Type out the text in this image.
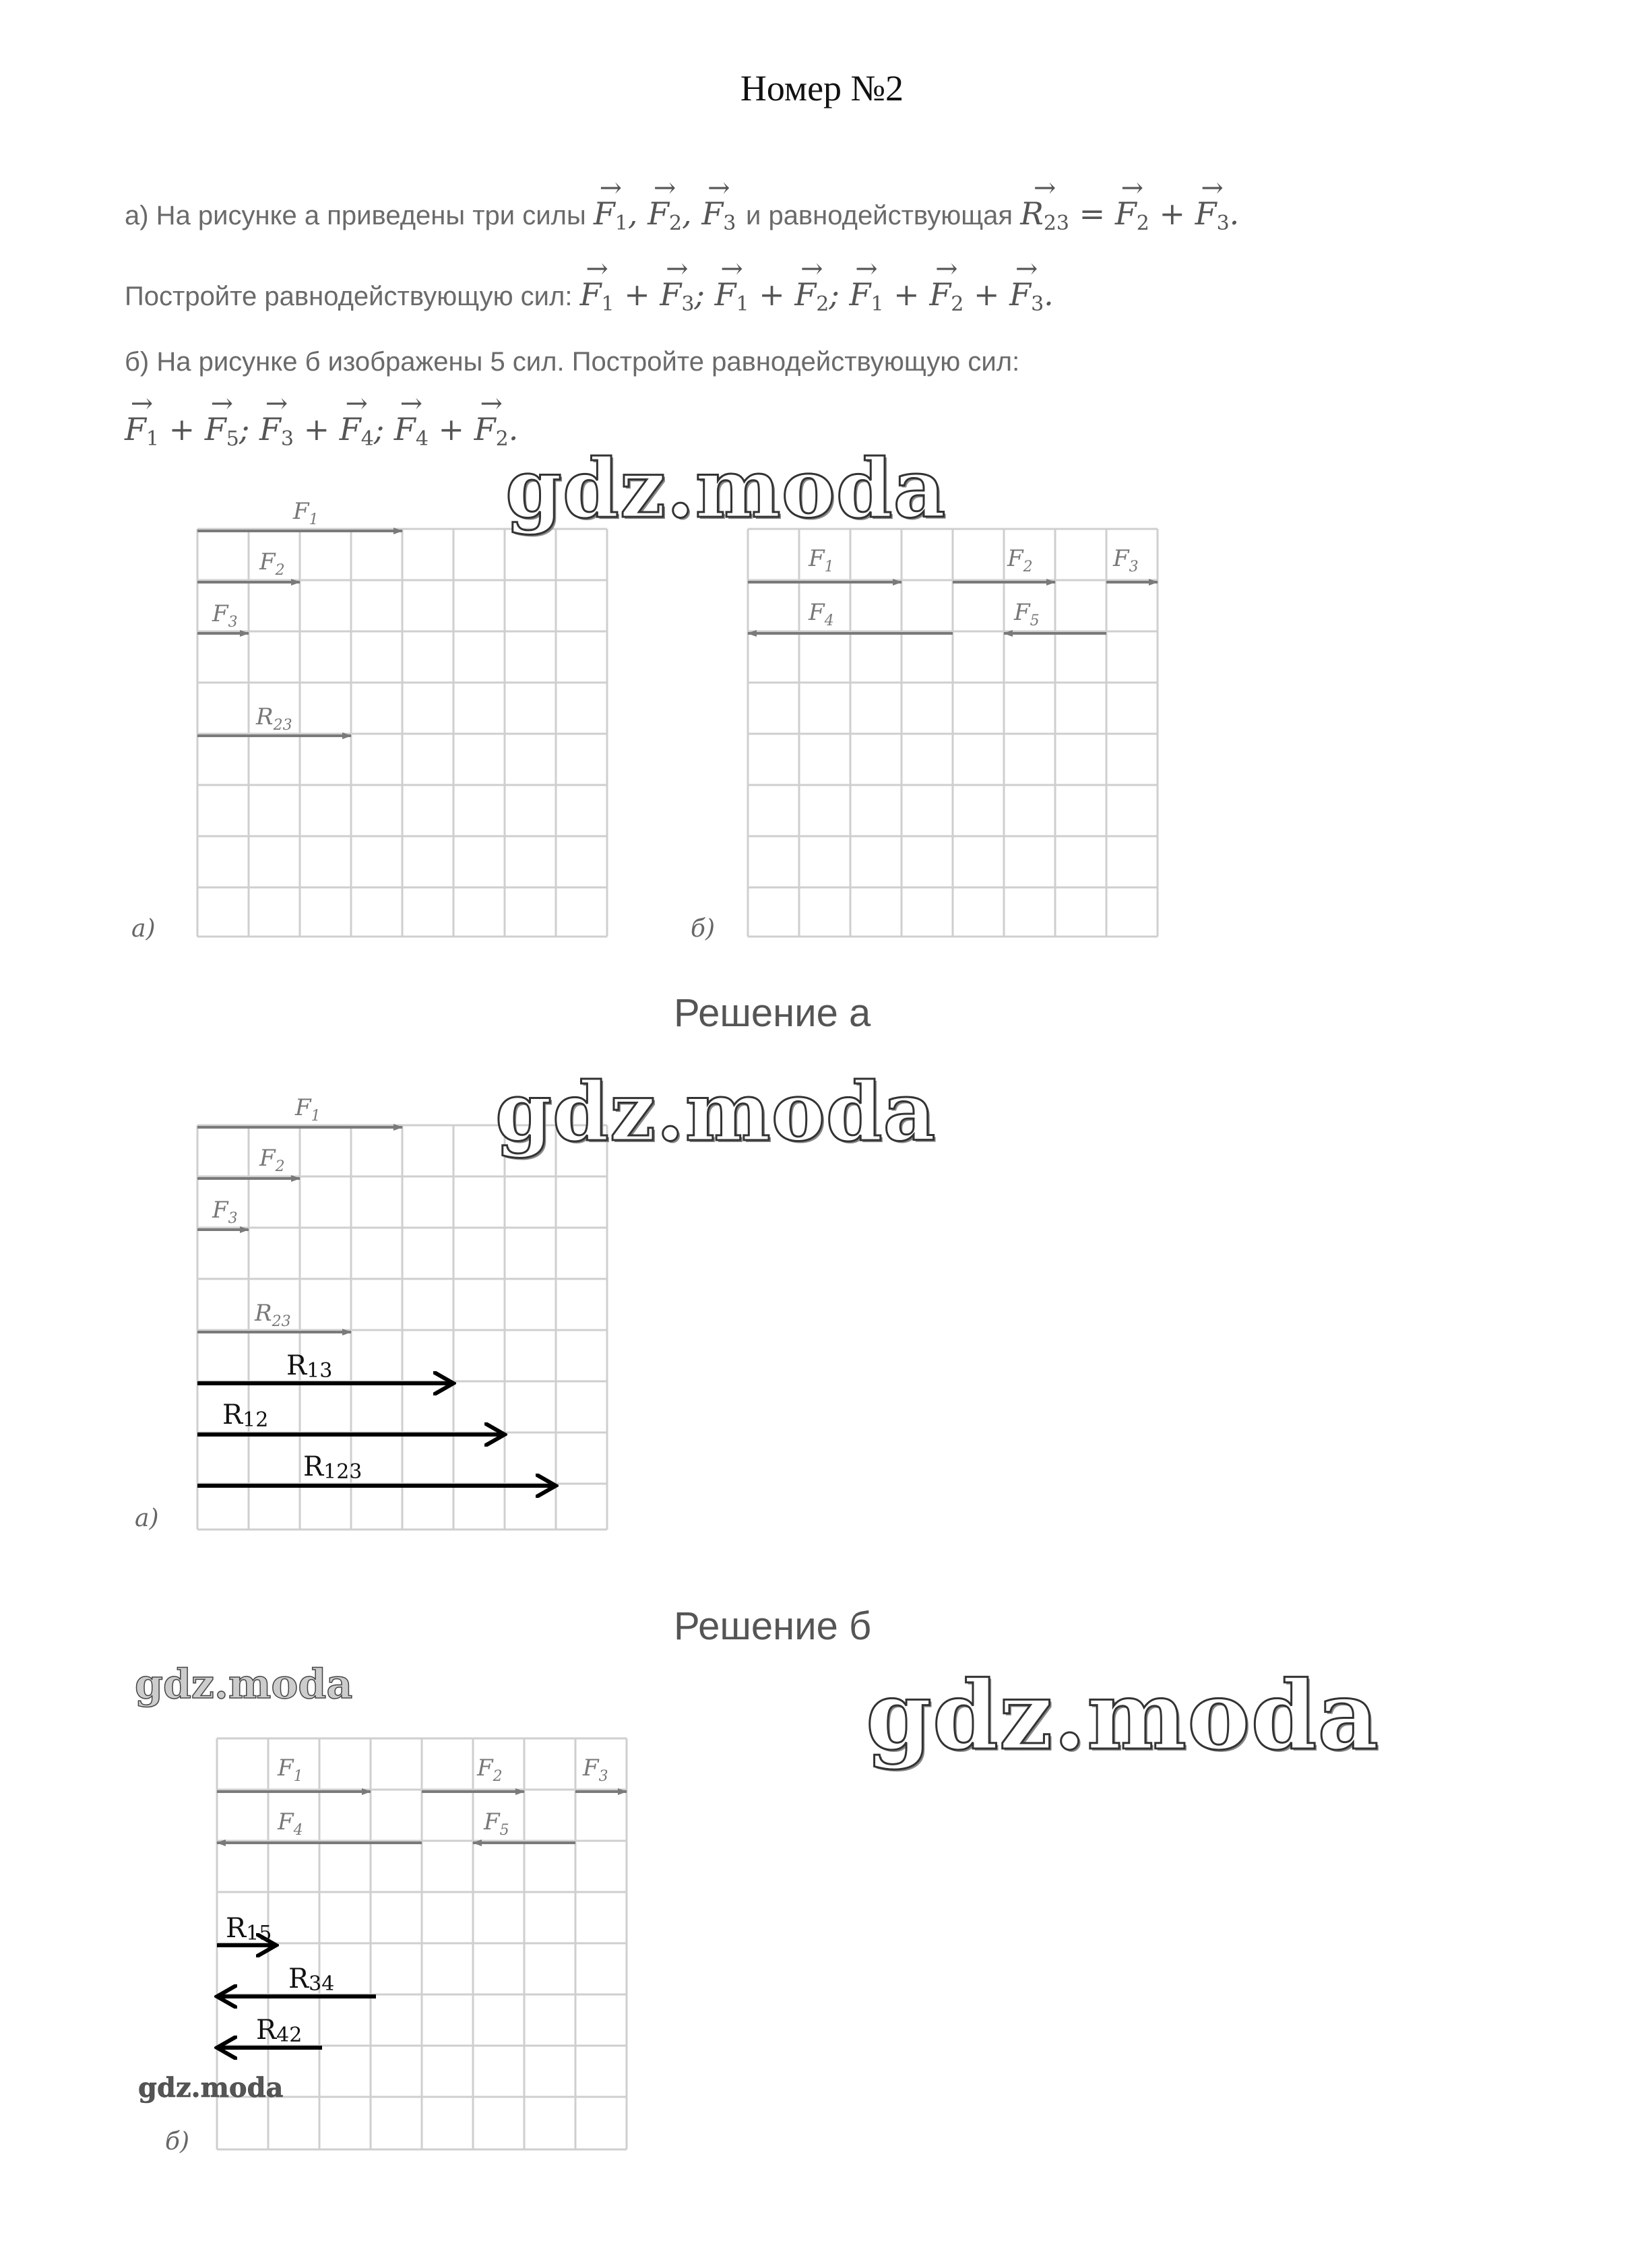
Номер №2
а) На рисунке а приведены три силы → $F_1$, → $F_2$, → $F_3$ и равнодействующая → $R_{23}$ = → $F_2$ + → $F_3$.
Постройте равнодействующую сил: → $F_1$ + → $F_3$; → $F_1$ + → $F_2$; → $F_1$ + → $F_2$ + → $F_3$.
б) На рисунке б изображены 5 сил. Постройте равнодействующую сил:
→ $F_1$ + → $F_5$; → $F_3$ + → $F_4$; → $F_4$ + → $F_2$.
$F_1$
$F_2$
$F_3$
$R_{23}$
а)
$F_1$	$F_2$	$F_3$
$F_4$	$F_5$
б)
gdz.moda
Решение а
$F_1$
$F_2$
$F_3$
$R_{23}$
R13
R12
R123
а)
gdz.moda
Решение б
gdz.moda	gdz.moda
$F_1$	$F_2$	$F_3$
$F_4$	$F_5$
R15
R34
R42
б)
gdz.moda
